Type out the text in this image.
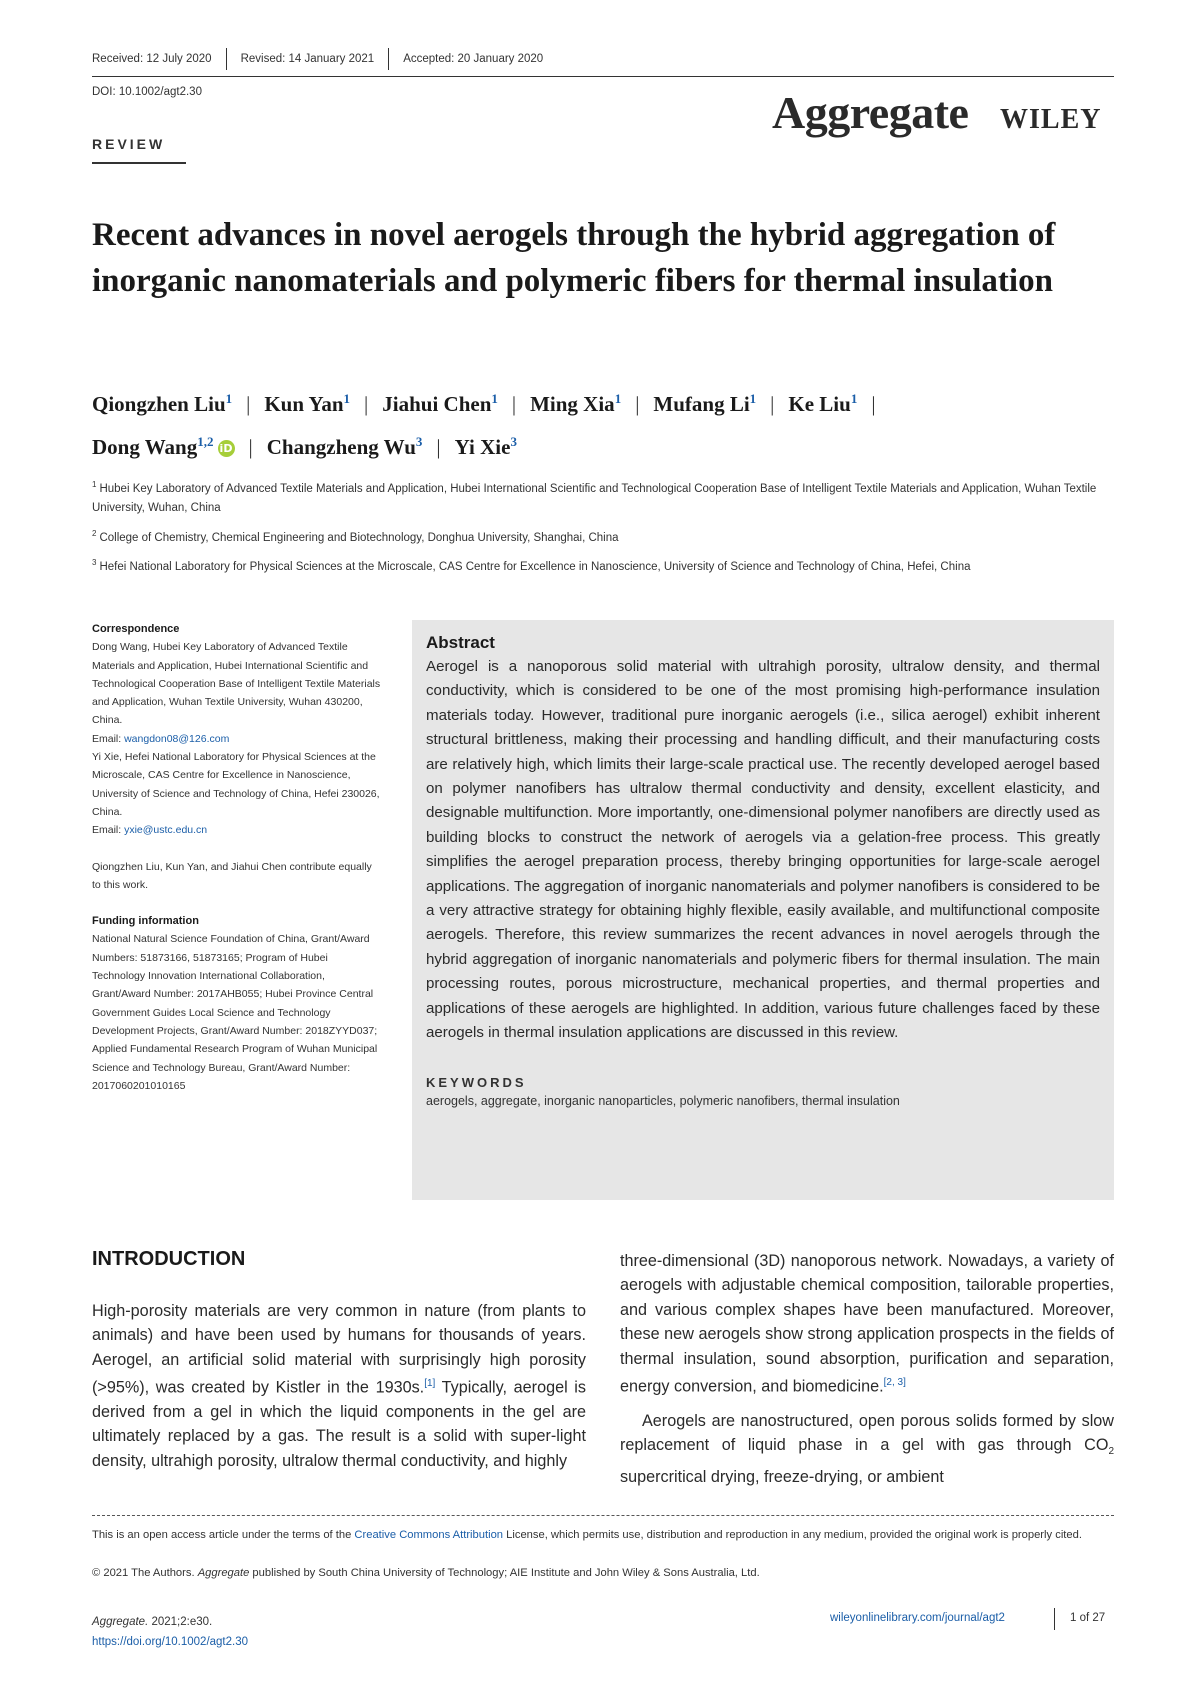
Received: 12 July 2020	Revised: 14 January 2021	Accepted: 20 January 2020
DOI: 10.1002/agt2.30
REVIEW
Aggregate WILEY
Recent advances in novel aerogels through the hybrid aggregation of inorganic nanomaterials and polymeric fibers for thermal insulation
Qiongzhen Liu$^1$ | Kun Yan$^1$ | Jiahui Chen$^1$ | Ming Xia$^1$ | Mufang Li$^1$ | Ke Liu$^1$ |
Dong Wang$^{1,2}$ iD | Changzheng Wu$^3$ | Yi Xie$^3$
$^1$ Hubei Key Laboratory of Advanced Textile Materials and Application, Hubei International Scientific and Technological Cooperation Base of Intelligent Textile Materials and Application, Wuhan Textile University, Wuhan, China
$^2$ College of Chemistry, Chemical Engineering and Biotechnology, Donghua University, Shanghai, China
$^3$ Hefei National Laboratory for Physical Sciences at the Microscale, CAS Centre for Excellence in Nanoscience, University of Science and Technology of China, Hefei, China
Correspondence
Dong Wang, Hubei Key Laboratory of Advanced Textile Materials and Application, Hubei International Scientific and Technological Cooperation Base of Intelligent Textile Materials and Application, Wuhan Textile University, Wuhan 430200, China.
Email: wangdon08@126.com
Yi Xie, Hefei National Laboratory for Physical Sciences at the Microscale, CAS Centre for Excellence in Nanoscience, University of Science and Technology of China, Hefei 230026, China.
Email: yxie@ustc.edu.cn
Qiongzhen Liu, Kun Yan, and Jiahui Chen contribute equally to this work.
Funding information
National Natural Science Foundation of China, Grant/Award Numbers: 51873166, 51873165; Program of Hubei Technology Innovation International Collaboration, Grant/Award Number: 2017AHB055; Hubei Province Central Government Guides Local Science and Technology Development Projects, Grant/Award Number: 2018ZYYD037; Applied Fundamental Research Program of Wuhan Municipal Science and Technology Bureau, Grant/Award Number: 2017060201010165
Abstract

Aerogel is a nanoporous solid material with ultrahigh porosity, ultralow density, and thermal conductivity, which is considered to be one of the most promising high-performance insulation materials today. However, traditional pure inorganic aerogels (i.e., silica aerogel) exhibit inherent structural brittleness, making their processing and handling difficult, and their manufacturing costs are relatively high, which limits their large-scale practical use. The recently developed aerogel based on polymer nanofibers has ultralow thermal conductivity and density, excellent elasticity, and designable multifunction. More importantly, one-dimensional polymer nanofibers are directly used as building blocks to construct the network of aerogels via a gelation-free process. This greatly simplifies the aerogel preparation process, thereby bringing opportunities for large-scale aerogel applications. The aggregation of inorganic nanomaterials and polymer nanofibers is considered to be a very attractive strategy for obtaining highly flexible, easily available, and multifunctional composite aerogels. Therefore, this review summarizes the recent advances in novel aerogels through the hybrid aggregation of inorganic nanomaterials and polymeric fibers for thermal insulation. The main processing routes, porous microstructure, mechanical properties, and thermal properties and applications of these aerogels are highlighted. In addition, various future challenges faced by these aerogels in thermal insulation applications are discussed in this review.

KEYWORDS
aerogels, aggregate, inorganic nanoparticles, polymeric nanofibers, thermal insulation
INTRODUCTION

High-porosity materials are very common in nature (from plants to animals) and have been used by humans for thousands of years. Aerogel, an artificial solid material with surprisingly high porosity (>95%), was created by Kistler in the 1930s.[1] Typically, aerogel is derived from a gel in which the liquid components in the gel are ultimately replaced by a gas. The result is a solid with super-light density, ultrahigh porosity, ultralow thermal conductivity, and highly

three-dimensional (3D) nanoporous network. Nowadays, a variety of aerogels with adjustable chemical composition, tailorable properties, and various complex shapes have been manufactured. Moreover, these new aerogels show strong application prospects in the fields of thermal insulation, sound absorption, purification and separation, energy conversion, and biomedicine.[2, 3]

Aerogels are nanostructured, open porous solids formed by slow replacement of liquid phase in a gel with gas through $CO_2$ supercritical drying, freeze-drying, or ambient

This is an open access article under the terms of the Creative Commons Attribution License, which permits use, distribution and reproduction in any medium, provided the original work is properly cited.
© 2021 The Authors. Aggregate published by South China University of Technology; AIE Institute and John Wiley & Sons Australia, Ltd.
Aggregate. 2021;2:e30.
https://doi.org/10.1002/agt2.30
wileyonlinelibrary.com/journal/agt2	1 of 27
